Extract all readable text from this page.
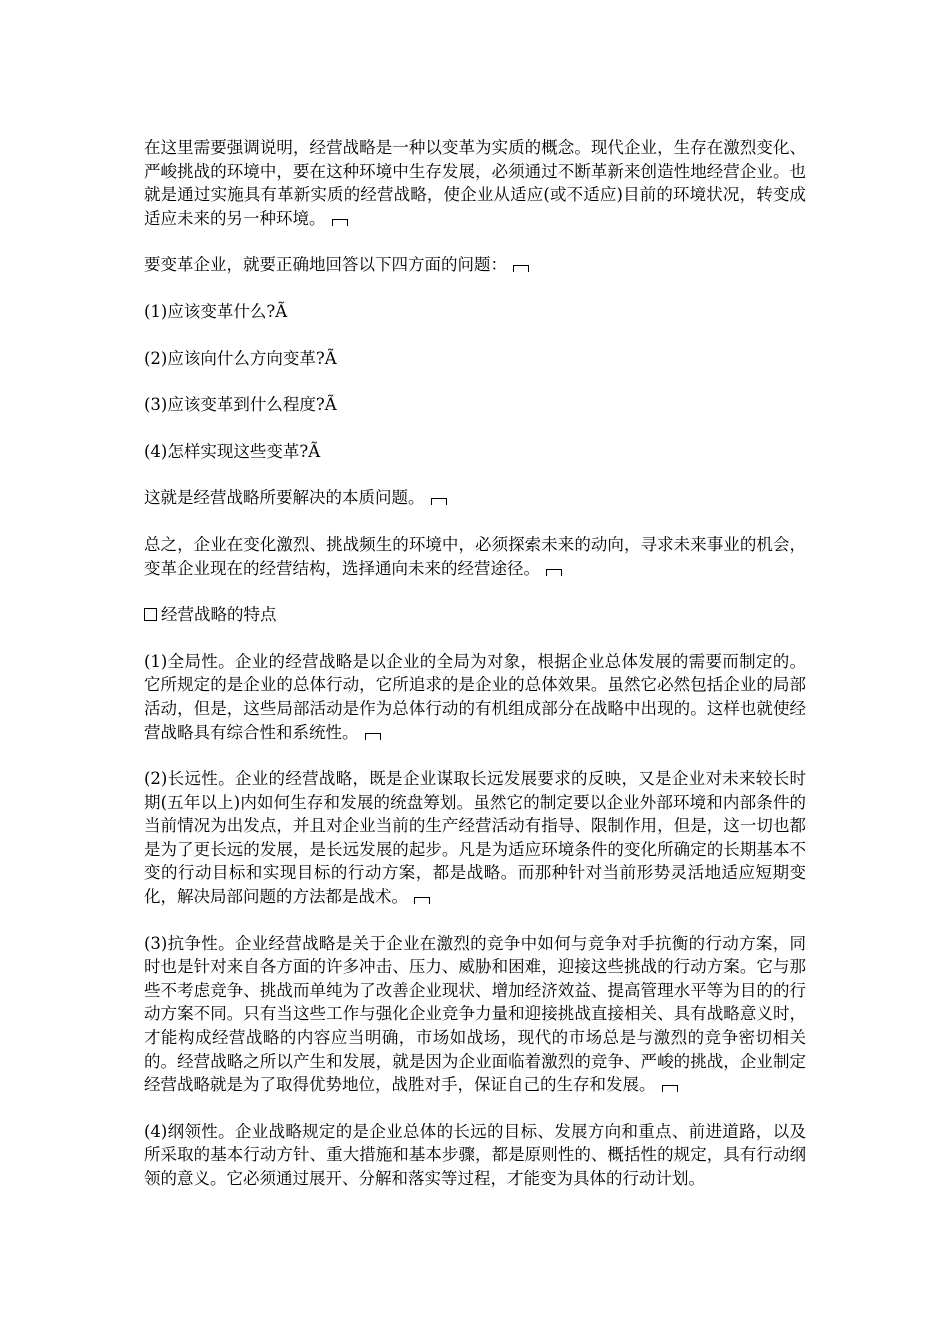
在这里需要强调说明，经营战略是一种以变革为实质的概念。现代企业，生存在激烈变化、严峻挑战的环境中，要在这种环境中生存发展，必须通过不断革新来创造性地经营企业。也就是通过实施具有革新实质的经营战略，使企业从适应(或不适应)目前的环境状况，转变成适应未来的另一种环境。

要变革企业，就要正确地回答以下四方面的问题：

(1)应该变革什么?Ã

(2)应该向什么方向变革?Ã

(3)应该变革到什么程度?Ã

(4)怎样实现这些变革?Ã

这就是经营战略所要解决的本质问题。

总之，企业在变化激烈、挑战频生的环境中，必须探索未来的动向，寻求未来事业的机会，变革企业现在的经营结构，选择通向未来的经营途径。

经营战略的特点

(1)全局性。企业的经营战略是以企业的全局为对象，根据企业总体发展的需要而制定的。它所规定的是企业的总体行动，它所追求的是企业的总体效果。虽然它必然包括企业的局部活动，但是，这些局部活动是作为总体行动的有机组成部分在战略中出现的。这样也就使经营战略具有综合性和系统性。

(2)长远性。企业的经营战略，既是企业谋取长远发展要求的反映，又是企业对未来较长时期(五年以上)内如何生存和发展的统盘筹划。虽然它的制定要以企业外部环境和内部条件的当前情况为出发点，并且对企业当前的生产经营活动有指导、限制作用，但是，这一切也都是为了更长远的发展，是长远发展的起步。凡是为适应环境条件的变化所确定的长期基本不变的行动目标和实现目标的行动方案，都是战略。而那种针对当前形势灵活地适应短期变化，解决局部问题的方法都是战术。

(3)抗争性。企业经营战略是关于企业在激烈的竞争中如何与竞争对手抗衡的行动方案，同时也是针对来自各方面的许多冲击、压力、威胁和困难，迎接这些挑战的行动方案。它与那些不考虑竞争、挑战而单纯为了改善企业现状、增加经济效益、提高管理水平等为目的的行动方案不同。只有当这些工作与强化企业竞争力量和迎接挑战直接相关、具有战略意义时，才能构成经营战略的内容应当明确，市场如战场，现代的市场总是与激烈的竞争密切相关的。经营战略之所以产生和发展，就是因为企业面临着激烈的竞争、严峻的挑战，企业制定经营战略就是为了取得优势地位，战胜对手，保证自己的生存和发展。

(4)纲领性。企业战略规定的是企业总体的长远的目标、发展方向和重点、前进道路，以及所采取的基本行动方针、重大措施和基本步骤，都是原则性的、概括性的规定，具有行动纲领的意义。它必须通过展开、分解和落实等过程，才能变为具体的行动计划。
